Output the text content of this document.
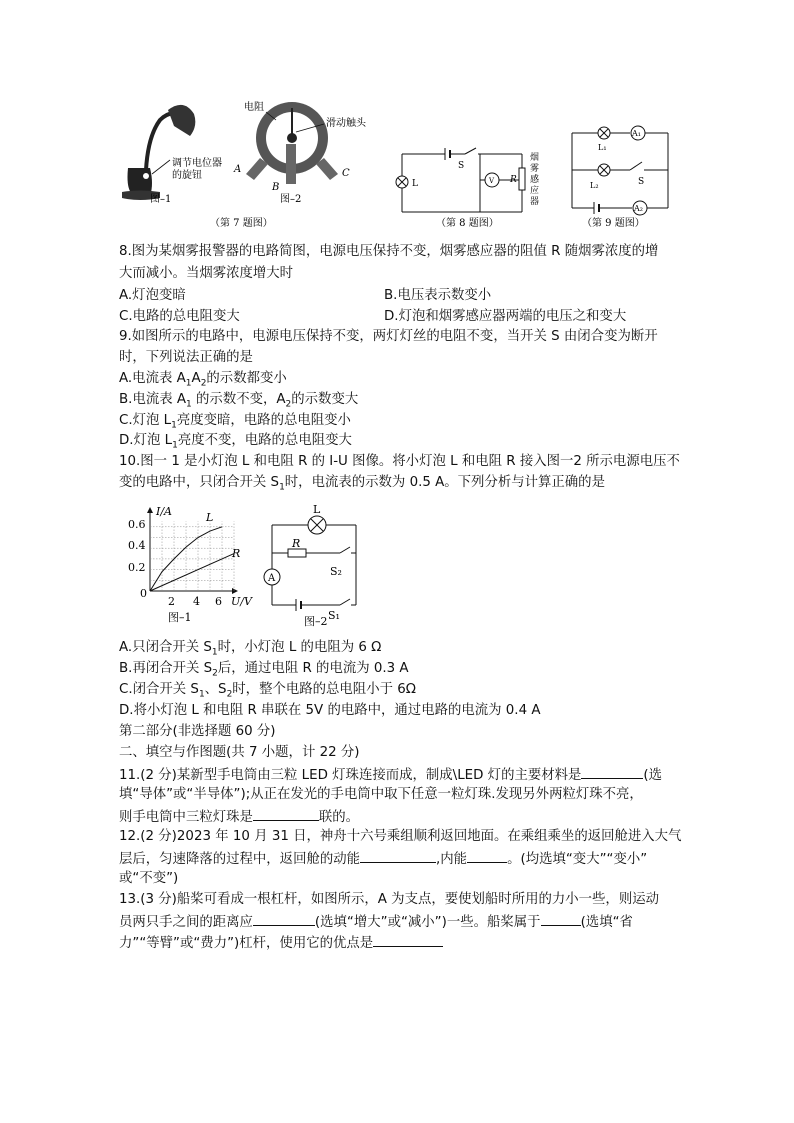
调节电位器
的旋钮
图–1
电阻
滑动触头
A
B
C
图–2
（第 7 题图）
S
L	V R
烟
雾
感
应
器
（第 8 题图）
A₁
L₁
L₂	S
A₂
（第 9 题图）
8.图为某烟雾报警器的电路简图，电源电压保持不变，烟雾感应器的阻值 R 随烟雾浓度的增
大而减小。当烟雾浓度增大时
A.灯泡变暗	B.电压表示数变小
C.电路的总电阻变大	D.灯泡和烟雾感应器两端的电压之和变大
9.如图所示的电路中，电源电压保持不变，两灯灯丝的电阻不变，当开关 S 由闭合变为断开
时，下列说法正确的是
A.电流表 $A_1A_2$的示数都变小
B.电流表 $A_1$ 的示数不变，$A_2$的示数变大
C.灯泡 $L_1$亮度变暗，电路的总电阻变小
D.灯泡 $L_1$亮度不变，电路的总电阻变大
10.图一 1 是小灯泡 L 和电阻 R 的 I-U 图像。将小灯泡 L 和电阻 R 接入图一2 所示电源电压不
变的电路中，只闭合开关 $S_1$时，电流表的示数为 0.5 A。下列分析与计算正确的是
I/A
U/V
0.6
0.4
0.2
0
2 4 6
L
R
图–1
L
R
A
S₂
S₁
图–2
A.只闭合开关 $S_1$时，小灯泡 L 的电阻为 6 Ω
B.再闭合开关 $S_2$后，通过电阻 R 的电流为 0.3 A
C.闭合开关 $S_1$、$S_2$时，整个电路的总电阻小于 6Ω
D.将小灯泡 L 和电阻 R 串联在 5V 的电路中，通过电路的电流为 0.4 A
第二部分(非选择题 60 分)
二、填空与作图题(共 7 小题，计 22 分)
11.(2 分)某新型手电筒由三粒 LED 灯珠连接而成，制成\LED 灯的主要材料是	(选
填“导体”或“半导体”);从正在发光的手电筒中取下任意一粒灯珠.发现另外两粒灯珠不亮，
则手电筒中三粒灯珠是	联的。
12.(2 分)2023 年 10 月 31 日，神舟十六号乘组顺利返回地面。在乘组乘坐的返回舱进入大气
层后，匀速降落的过程中，返回舱的动能	,内能	。(均选填“变大”“变小”
或“不变”)
13.(3 分)船桨可看成一根杠杆，如图所示，A 为支点，要使划船时所用的力小一些，则运动
员两只手之间的距离应	(选填“增大”或“减小”)一些。船桨属于	(选填“省
力”“等臂”或“费力”)杠杆，使用它的优点是
